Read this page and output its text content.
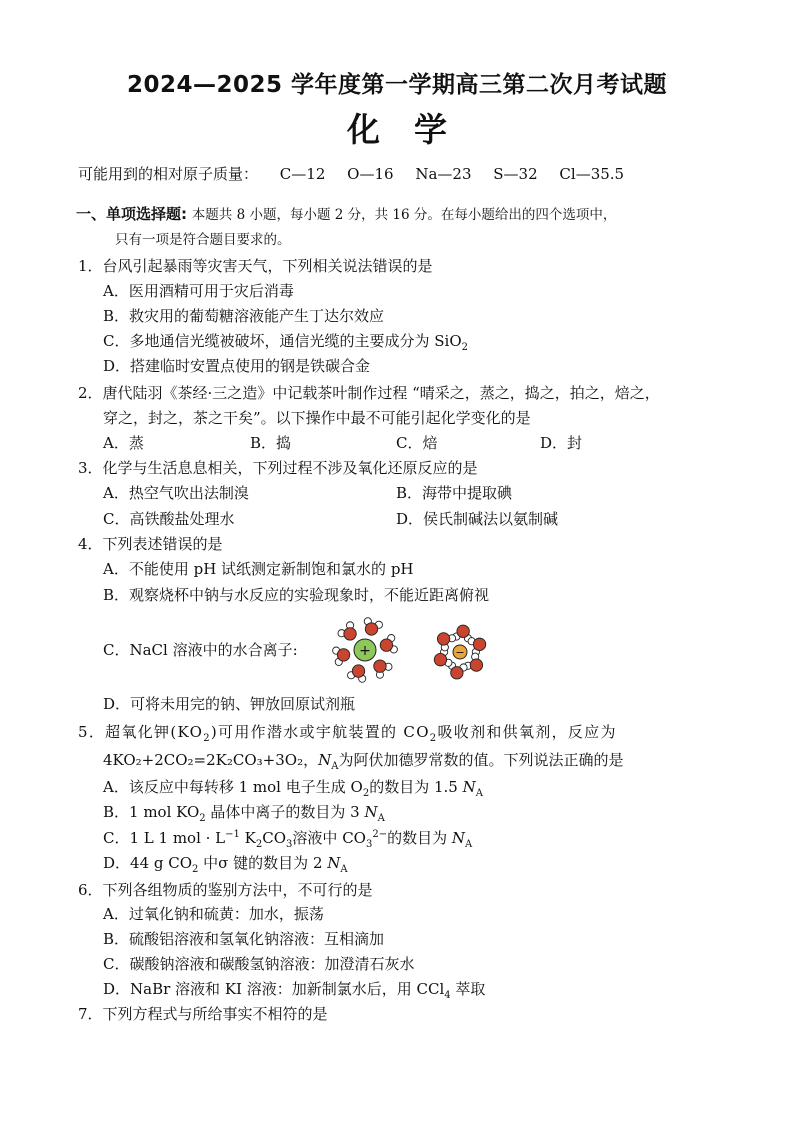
2024—2025 学年度第一学期高三第二次月考试题
化学
可能用到的相对原子质量： C—12 O—16 Na—23 S—32 Cl—35.5
一、单项选择题: 本题共 8 小题，每小题 2 分，共 16 分。在每小题给出的四个选项中，
只有一项是符合题目要求的。
1．台风引起暴雨等灾害天气，下列相关说法错误的是
A．医用酒精可用于灾后消毒
B．救灾用的葡萄糖溶液能产生丁达尔效应
C．多地通信光缆被破坏，通信光缆的主要成分为 SiO$_2$
D．搭建临时安置点使用的钢是铁碳合金
2．唐代陆羽《茶经·三之造》中记载茶叶制作过程 “晴采之，蒸之，捣之，拍之，焙之，
穿之，封之，茶之干矣”。以下操作中最不可能引起化学变化的是
A．蒸	B．捣	C．焙	D．封
3．化学与生活息息相关，下列过程不涉及氧化还原反应的是
A．热空气吹出法制溴	B．海带中提取碘
C．高铁酸盐处理水	D．侯氏制碱法以氨制碱
4．下列表述错误的是
A．不能使用 pH 试纸测定新制饱和氯水的 pH
B．观察烧杯中钠与水反应的实验现象时，不能近距离俯视
C．NaCl 溶液中的水合离子:	+	−
D．可将未用完的钠、钾放回原试剂瓶
5．超氧化钾$(KO_2)$可用作潜水或宇航装置的 $CO_2$吸收剂和供氧剂，反应为
4KO₂+2CO₂=2K₂CO₃+3O₂，$N_A$为阿伏加德罗常数的值。下列说法正确的是
A．该反应中每转移 1 mol 电子生成 $O_2$的数目为 1.5 $N_A$
B．1 mol $KO_2$ 晶体中离子的数目为 3 $N_A$
C．1 L 1 mol · $L^{-1}$ $K_2CO_3$溶液中 $CO_3^{2-}$的数目为 $N_A$
D．44 g $CO_2$ 中σ 键的数目为 2 $N_A$
6．下列各组物质的鉴别方法中，不可行的是
A．过氧化钠和硫黄：加水，振荡
B．硫酸铝溶液和氢氧化钠溶液：互相滴加
C．碳酸钠溶液和碳酸氢钠溶液：加澄清石灰水
D．NaBr 溶液和 KI 溶液：加新制氯水后，用 CCl$_4$ 萃取
7．下列方程式与所给事实不相符的是
